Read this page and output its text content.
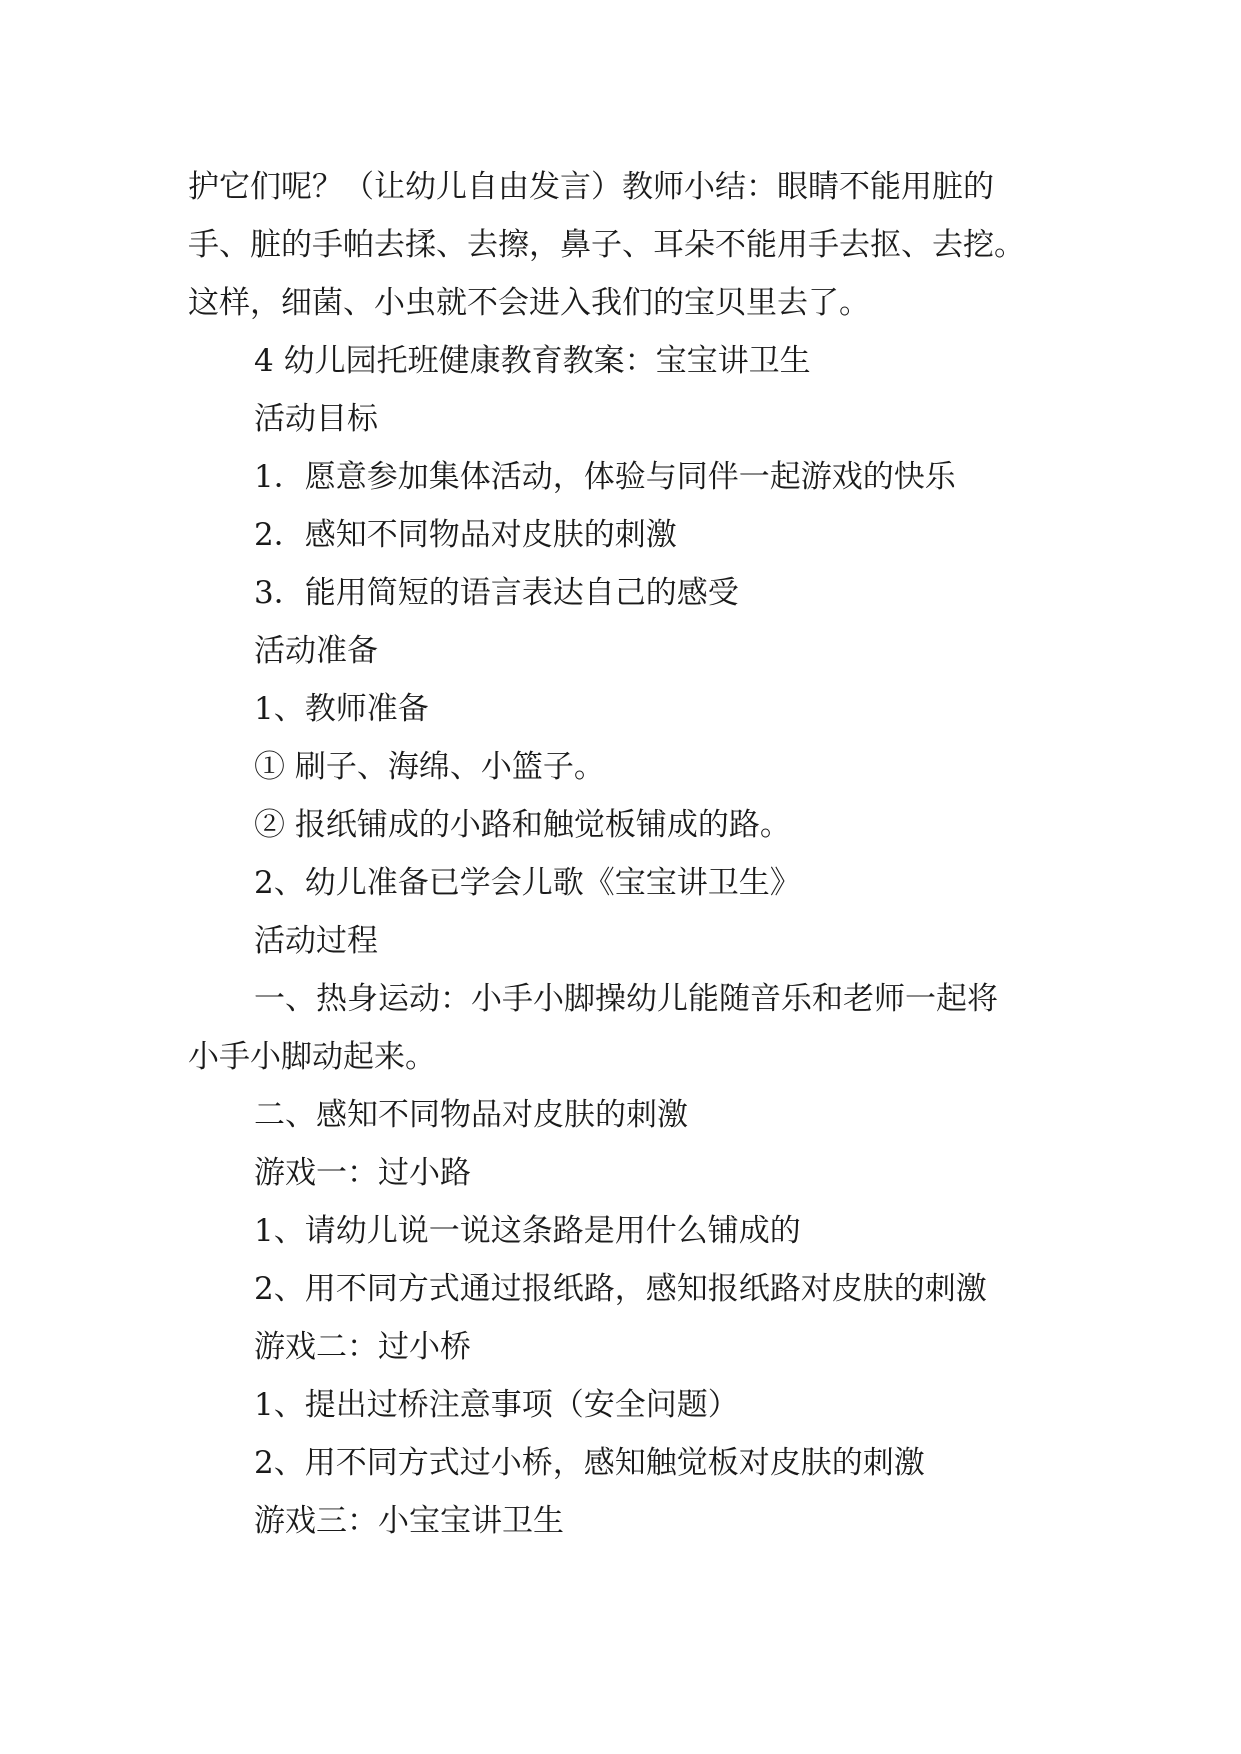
护它们呢？（让幼儿自由发言）教师小结：眼睛不能用脏的

手、脏的手帕去揉、去擦，鼻子、耳朵不能用手去抠、去挖。

这样，细菌、小虫就不会进入我们的宝贝里去了。

4 幼儿园托班健康教育教案：宝宝讲卫生

活动目标

1．愿意参加集体活动，体验与同伴一起游戏的快乐

2．感知不同物品对皮肤的刺激

3．能用简短的语言表达自己的感受

活动准备

1、教师准备

① 刷子、海绵、小篮子。

② 报纸铺成的小路和触觉板铺成的路。

2、幼儿准备已学会儿歌《宝宝讲卫生》

活动过程

一、热身运动：小手小脚操幼儿能随音乐和老师一起将

小手小脚动起来。

二、感知不同物品对皮肤的刺激

游戏一：过小路

1、请幼儿说一说这条路是用什么铺成的

2、用不同方式通过报纸路，感知报纸路对皮肤的刺激

游戏二：过小桥

1、提出过桥注意事项（安全问题）

2、用不同方式过小桥，感知触觉板对皮肤的刺激

游戏三：小宝宝讲卫生
